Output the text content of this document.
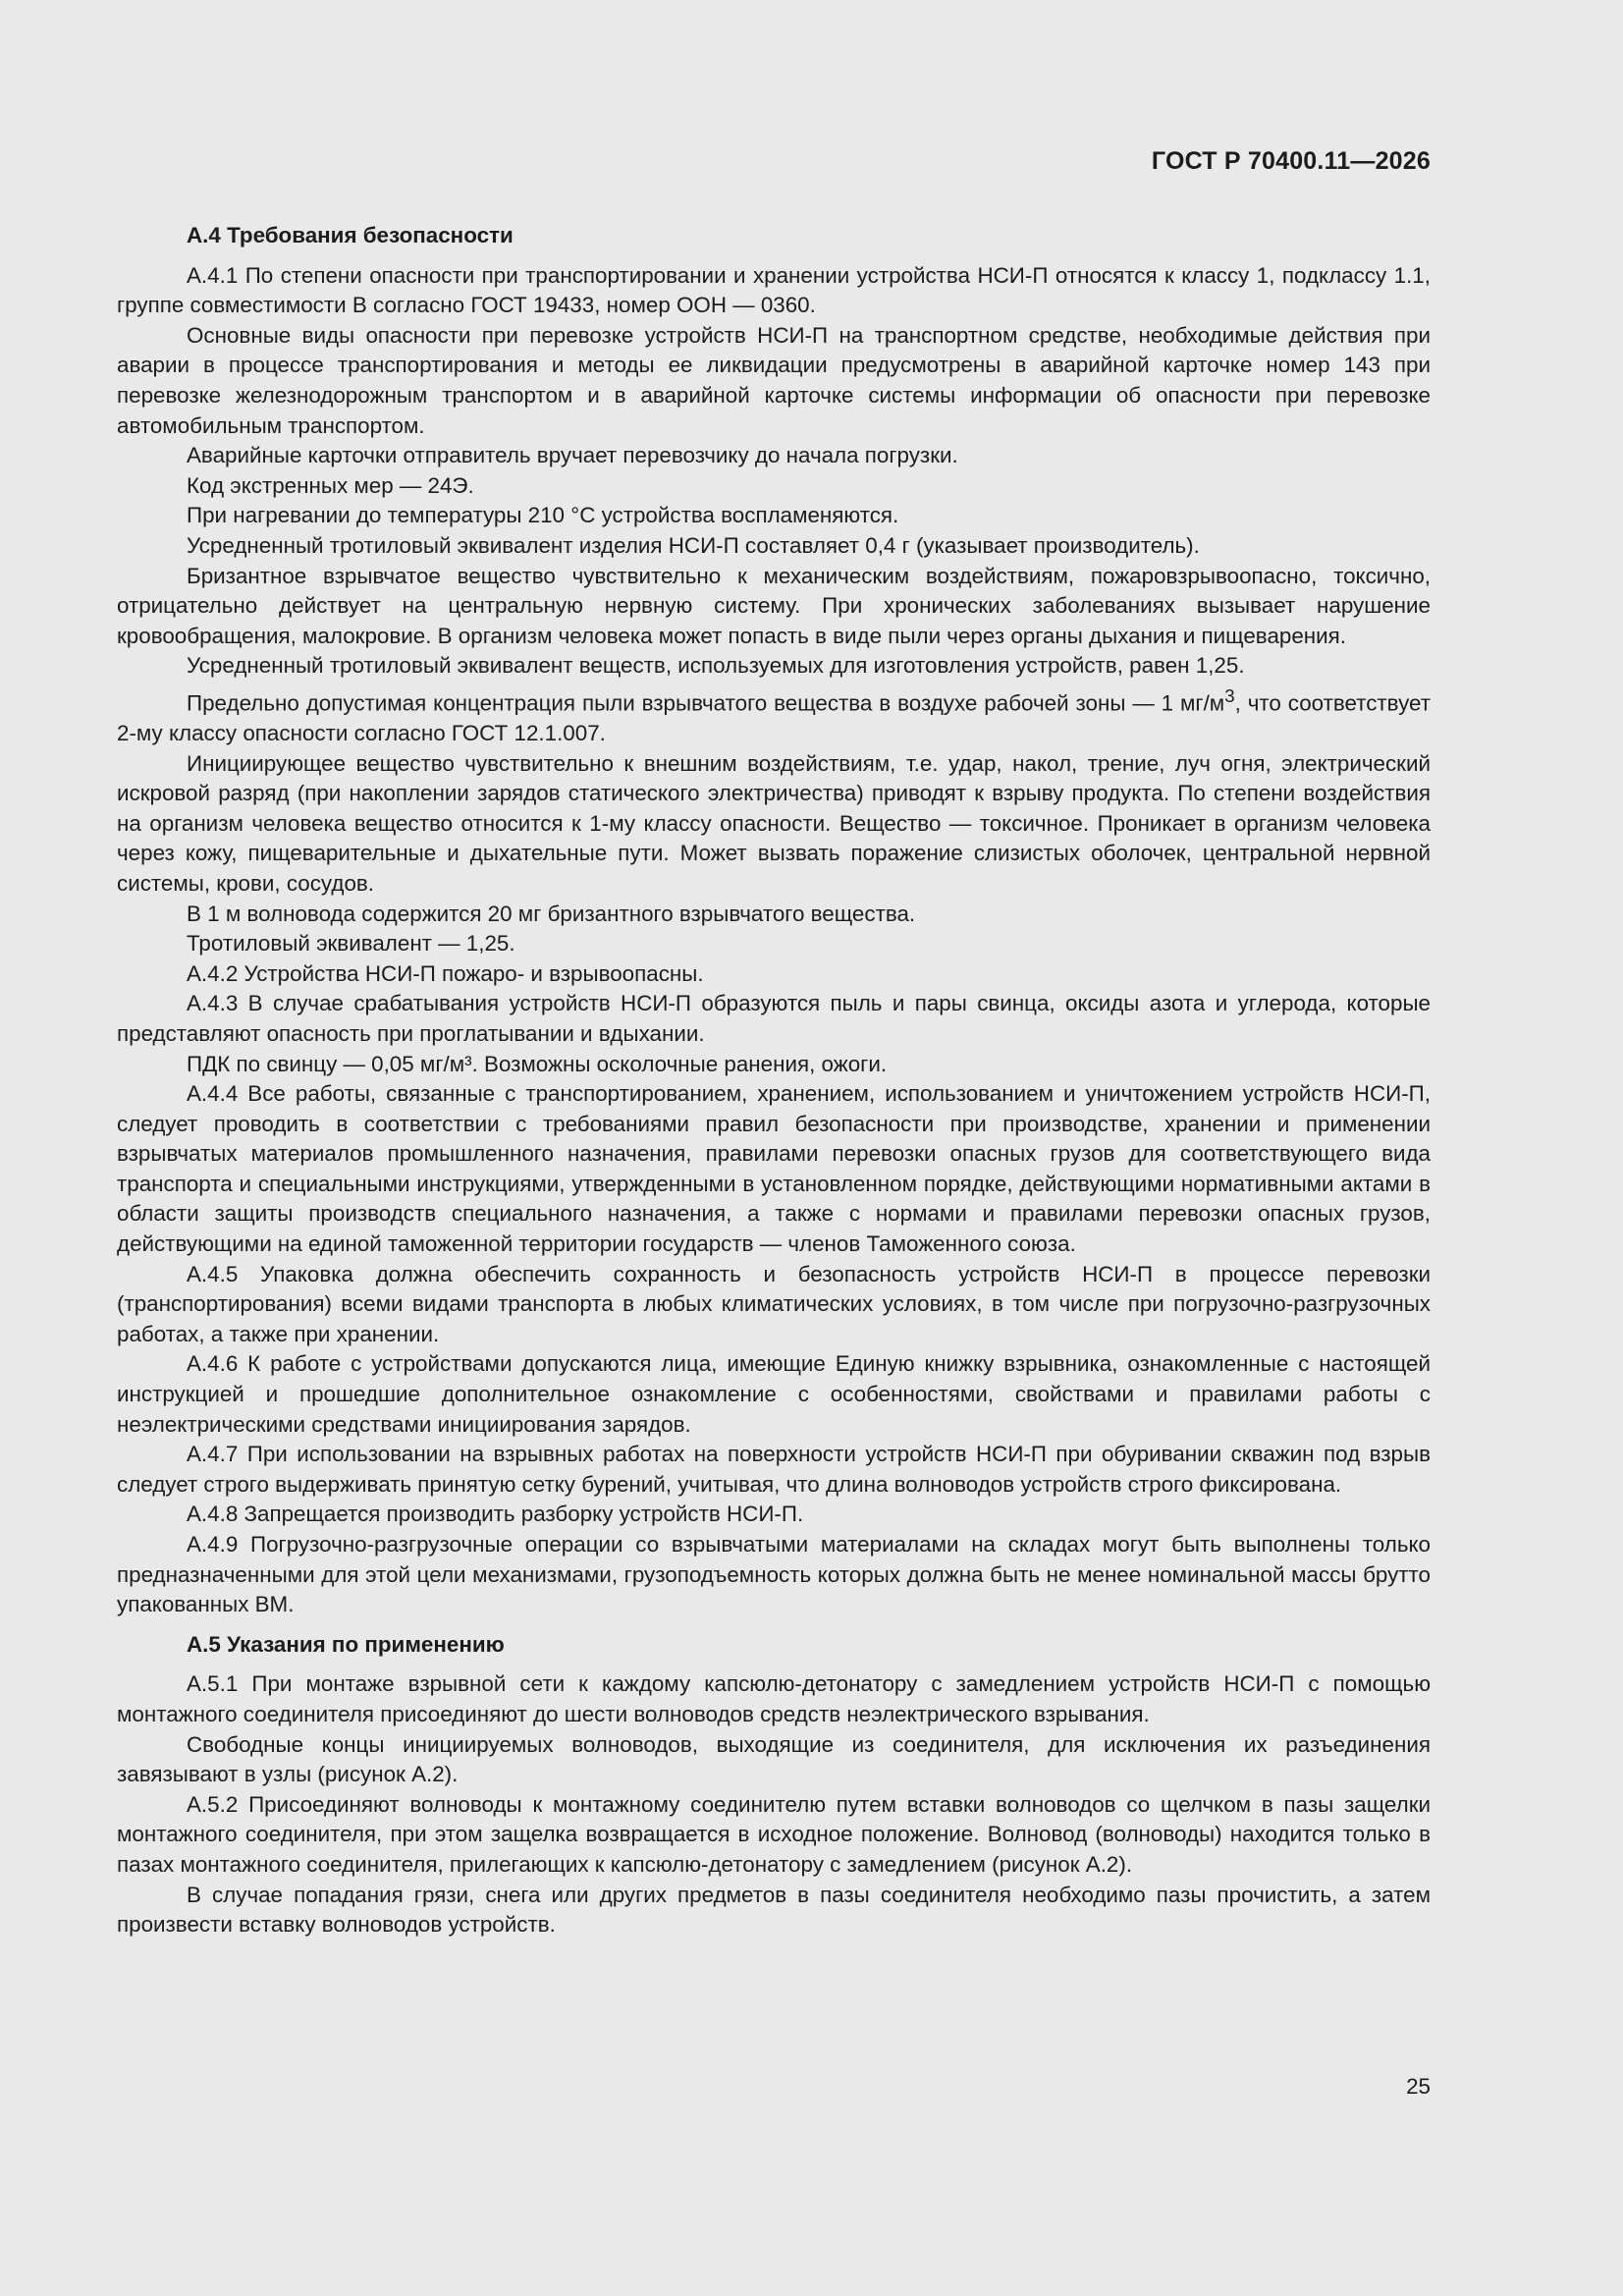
ГОСТ Р 70400.11—2026
А.4 Требования безопасности

А.4.1 По степени опасности при транспортировании и хранении устройства НСИ-П относятся к классу 1, подклассу 1.1, группе совместимости B согласно ГОСТ 19433, номер ООН — 0360.

Основные виды опасности при перевозке устройств НСИ-П на транспортном средстве, необходимые действия при аварии в процессе транспортирования и методы ее ликвидации предусмотрены в аварийной карточке номер 143 при перевозке железнодорожным транспортом и в аварийной карточке системы информации об опасности при перевозке автомобильным транспортом.

Аварийные карточки отправитель вручает перевозчику до начала погрузки.

Код экстренных мер — 24Э.

При нагревании до температуры 210 °С устройства воспламеняются.

Усредненный тротиловый эквивалент изделия НСИ-П составляет 0,4 г (указывает производитель).

Бризантное взрывчатое вещество чувствительно к механическим воздействиям, пожаровзрывоопасно, токсично, отрицательно действует на центральную нервную систему. При хронических заболеваниях вызывает нарушение кровообращения, малокровие. В организм человека может попасть в виде пыли через органы дыхания и пищеварения.

Усредненный тротиловый эквивалент веществ, используемых для изготовления устройств, равен 1,25.

Предельно допустимая концентрация пыли взрывчатого вещества в воздухе рабочей зоны — 1 $мг/м^3$, что соответствует 2-му классу опасности согласно ГОСТ 12.1.007.

Инициирующее вещество чувствительно к внешним воздействиям, т.е. удар, накол, трение, луч огня, электрический искровой разряд (при накоплении зарядов статического электричества) приводят к взрыву продукта. По степени воздействия на организм человека вещество относится к 1-му классу опасности. Вещество — токсичное. Проникает в организм человека через кожу, пищеварительные и дыхательные пути. Может вызвать поражение слизистых оболочек, центральной нервной системы, крови, сосудов.

В 1 м волновода содержится 20 мг бризантного взрывчатого вещества.

Тротиловый эквивалент — 1,25.

А.4.2 Устройства НСИ-П пожаро- и взрывоопасны.

А.4.3 В случае срабатывания устройств НСИ-П образуются пыль и пары свинца, оксиды азота и углерода, которые представляют опасность при проглатывании и вдыхании.

ПДК по свинцу — 0,05 мг/м³. Возможны осколочные ранения, ожоги.

А.4.4 Все работы, связанные с транспортированием, хранением, использованием и уничтожением устройств НСИ-П, следует проводить в соответствии с требованиями правил безопасности при производстве, хранении и применении взрывчатых материалов промышленного назначения, правилами перевозки опасных грузов для соответствующего вида транспорта и специальными инструкциями, утвержденными в установленном порядке, действующими нормативными актами в области защиты производств специального назначения, а также с нормами и правилами перевозки опасных грузов, действующими на единой таможенной территории государств — членов Таможенного союза.

А.4.5 Упаковка должна обеспечить сохранность и безопасность устройств НСИ-П в процессе перевозки (транспортирования) всеми видами транспорта в любых климатических условиях, в том числе при погрузочно-разгрузочных работах, а также при хранении.

А.4.6 К работе с устройствами допускаются лица, имеющие Единую книжку взрывника, ознакомленные с настоящей инструкцией и прошедшие дополнительное ознакомление с особенностями, свойствами и правилами работы с неэлектрическими средствами инициирования зарядов.

А.4.7 При использовании на взрывных работах на поверхности устройств НСИ-П при обуривании скважин под взрыв следует строго выдерживать принятую сетку бурений, учитывая, что длина волноводов устройств строго фиксирована.

А.4.8 Запрещается производить разборку устройств НСИ-П.

А.4.9 Погрузочно-разгрузочные операции со взрывчатыми материалами на складах могут быть выполнены только предназначенными для этой цели механизмами, грузоподъемность которых должна быть не менее номинальной массы брутто упакованных ВМ.

А.5 Указания по применению

А.5.1 При монтаже взрывной сети к каждому капсюлю-детонатору с замедлением устройств НСИ-П с помощью монтажного соединителя присоединяют до шести волноводов средств неэлектрического взрывания.

Свободные концы инициируемых волноводов, выходящие из соединителя, для исключения их разъединения завязывают в узлы (рисунок А.2).

А.5.2 Присоединяют волноводы к монтажному соединителю путем вставки волноводов со щелчком в пазы защелки монтажного соединителя, при этом защелка возвращается в исходное положение. Волновод (волноводы) находится только в пазах монтажного соединителя, прилегающих к капсюлю-детонатору с замедлением (рисунок А.2).

В случае попадания грязи, снега или других предметов в пазы соединителя необходимо пазы прочистить, а затем произвести вставку волноводов устройств.

25
